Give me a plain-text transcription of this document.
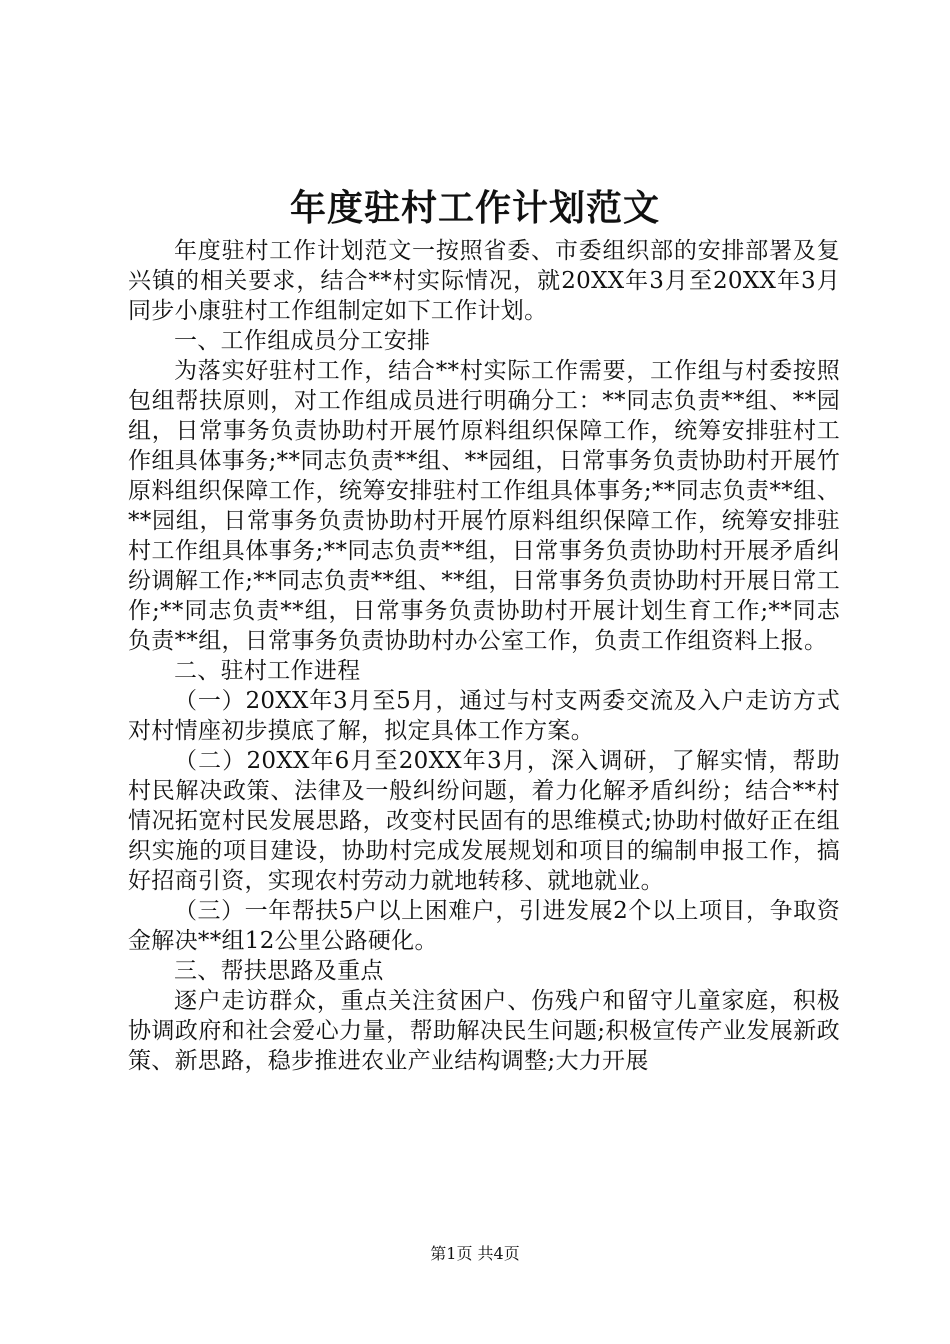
年度驻村工作计划范文

年度驻村工作计划范文一按照省委、市委组织部的安排部署及复兴镇的相关要求，结合**村实际情况，就20XX年3月至20XX年3月同步小康驻村工作组制定如下工作计划。

一、工作组成员分工安排

为落实好驻村工作，结合**村实际工作需要，工作组与村委按照包组帮扶原则，对工作组成员进行明确分工：**同志负责**组、**园组，日常事务负责协助村开展竹原料组织保障工作，统筹安排驻村工作组具体事务;**同志负责**组、**园组，日常事务负责协助村开展竹原料组织保障工作，统筹安排驻村工作组具体事务;**同志负责**组、**园组，日常事务负责协助村开展竹原料组织保障工作，统筹安排驻村工作组具体事务;**同志负责**组，日常事务负责协助村开展矛盾纠纷调解工作;**同志负责**组、**组，日常事务负责协助村开展日常工作;**同志负责**组，日常事务负责协助村开展计划生育工作;**同志负责**组，日常事务负责协助村办公室工作，负责工作组资料上报。

二、驻村工作进程

（一）20XX年3月至5月，通过与村支两委交流及入户走访方式对村情座初步摸底了解，拟定具体工作方案。

（二）20XX年6月至20XX年3月，深入调研，了解实情，帮助村民解决政策、法律及一般纠纷问题，着力化解矛盾纠纷；结合**村情况拓宽村民发展思路，改变村民固有的思维模式;协助村做好正在组织实施的项目建设，协助村完成发展规划和项目的编制申报工作，搞好招商引资，实现农村劳动力就地转移、就地就业。

（三）一年帮扶5户以上困难户，引进发展2个以上项目，争取资金解决**组12公里公路硬化。

三、帮扶思路及重点

逐户走访群众，重点关注贫困户、伤残户和留守儿童家庭，积极协调政府和社会爱心力量，帮助解决民生问题;积极宣传产业发展新政策、新思路，稳步推进农业产业结构调整;大力开展

第1页 共4页
